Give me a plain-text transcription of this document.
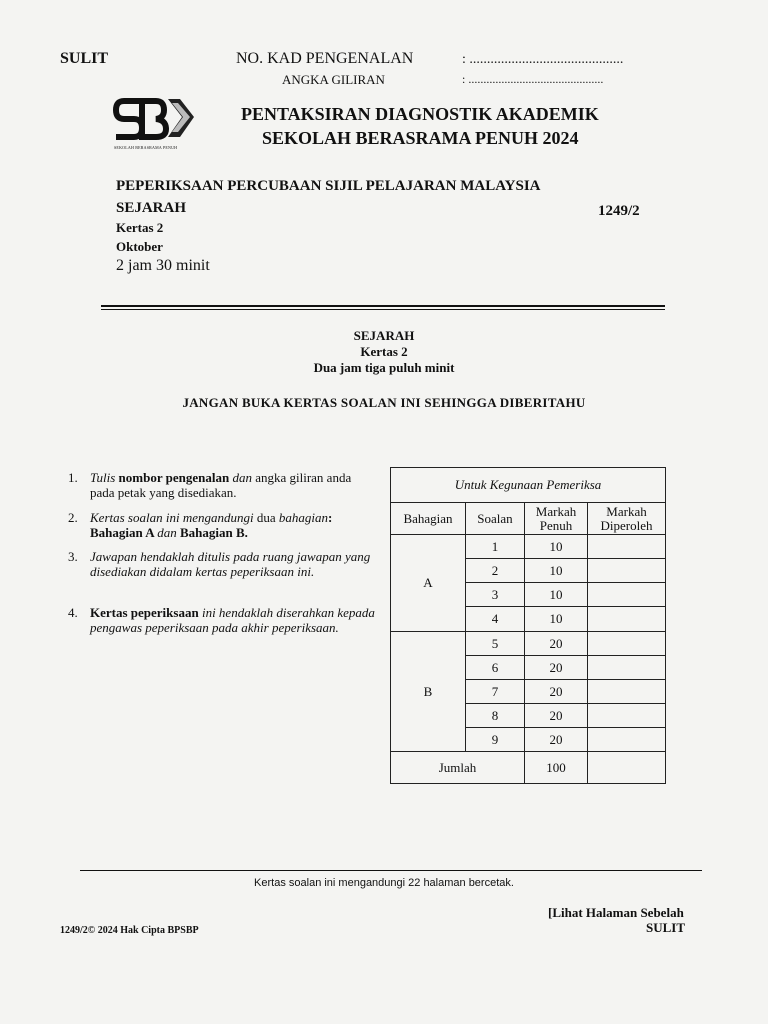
SULIT	NO. KAD PENGENALAN	: ............................................
ANGKA GILIRAN	: .............................................
SEKOLAH BERASRAMA PENUH
PENTAKSIRAN DIAGNOSTIK AKADEMIK
SEKOLAH BERASRAMA PENUH 2024
PEPERIKSAAN PERCUBAAN SIJIL PELAJARAN MALAYSIA
SEJARAH	1249/2
Kertas 2
Oktober
2 jam 30 minit
SEJARAH
Kertas 2
Dua jam tiga puluh minit
JANGAN BUKA KERTAS SOALAN INI SEHINGGA DIBERITAHU
1. Tulis nombor pengenalan dan angka giliran anda pada petak yang disediakan.
2. Kertas soalan ini mengandungi dua bahagian: Bahagian A dan Bahagian B.
3. Jawapan hendaklah ditulis pada ruang jawapan yang disediakan didalam kertas peperiksaan ini.
4. Kertas peperiksaan ini hendaklah diserahkan kepada pengawas peperiksaan pada akhir peperiksaan.
Untuk Kegunaan Pemeriksa			
Bahagian	Soalan	Markah Penuh	Markah Diperoleh
A	1	10	
	2	10	
	3	10	
	4	10	
B	5	20	
	6	20	
	7	20	
	8	20	
	9	20	
Jumlah		100	
Kertas soalan ini mengandungi 22 halaman bercetak.
1249/2© 2024 Hak Cipta BPSBP
[Lihat Halaman Sebelah
SULIT
